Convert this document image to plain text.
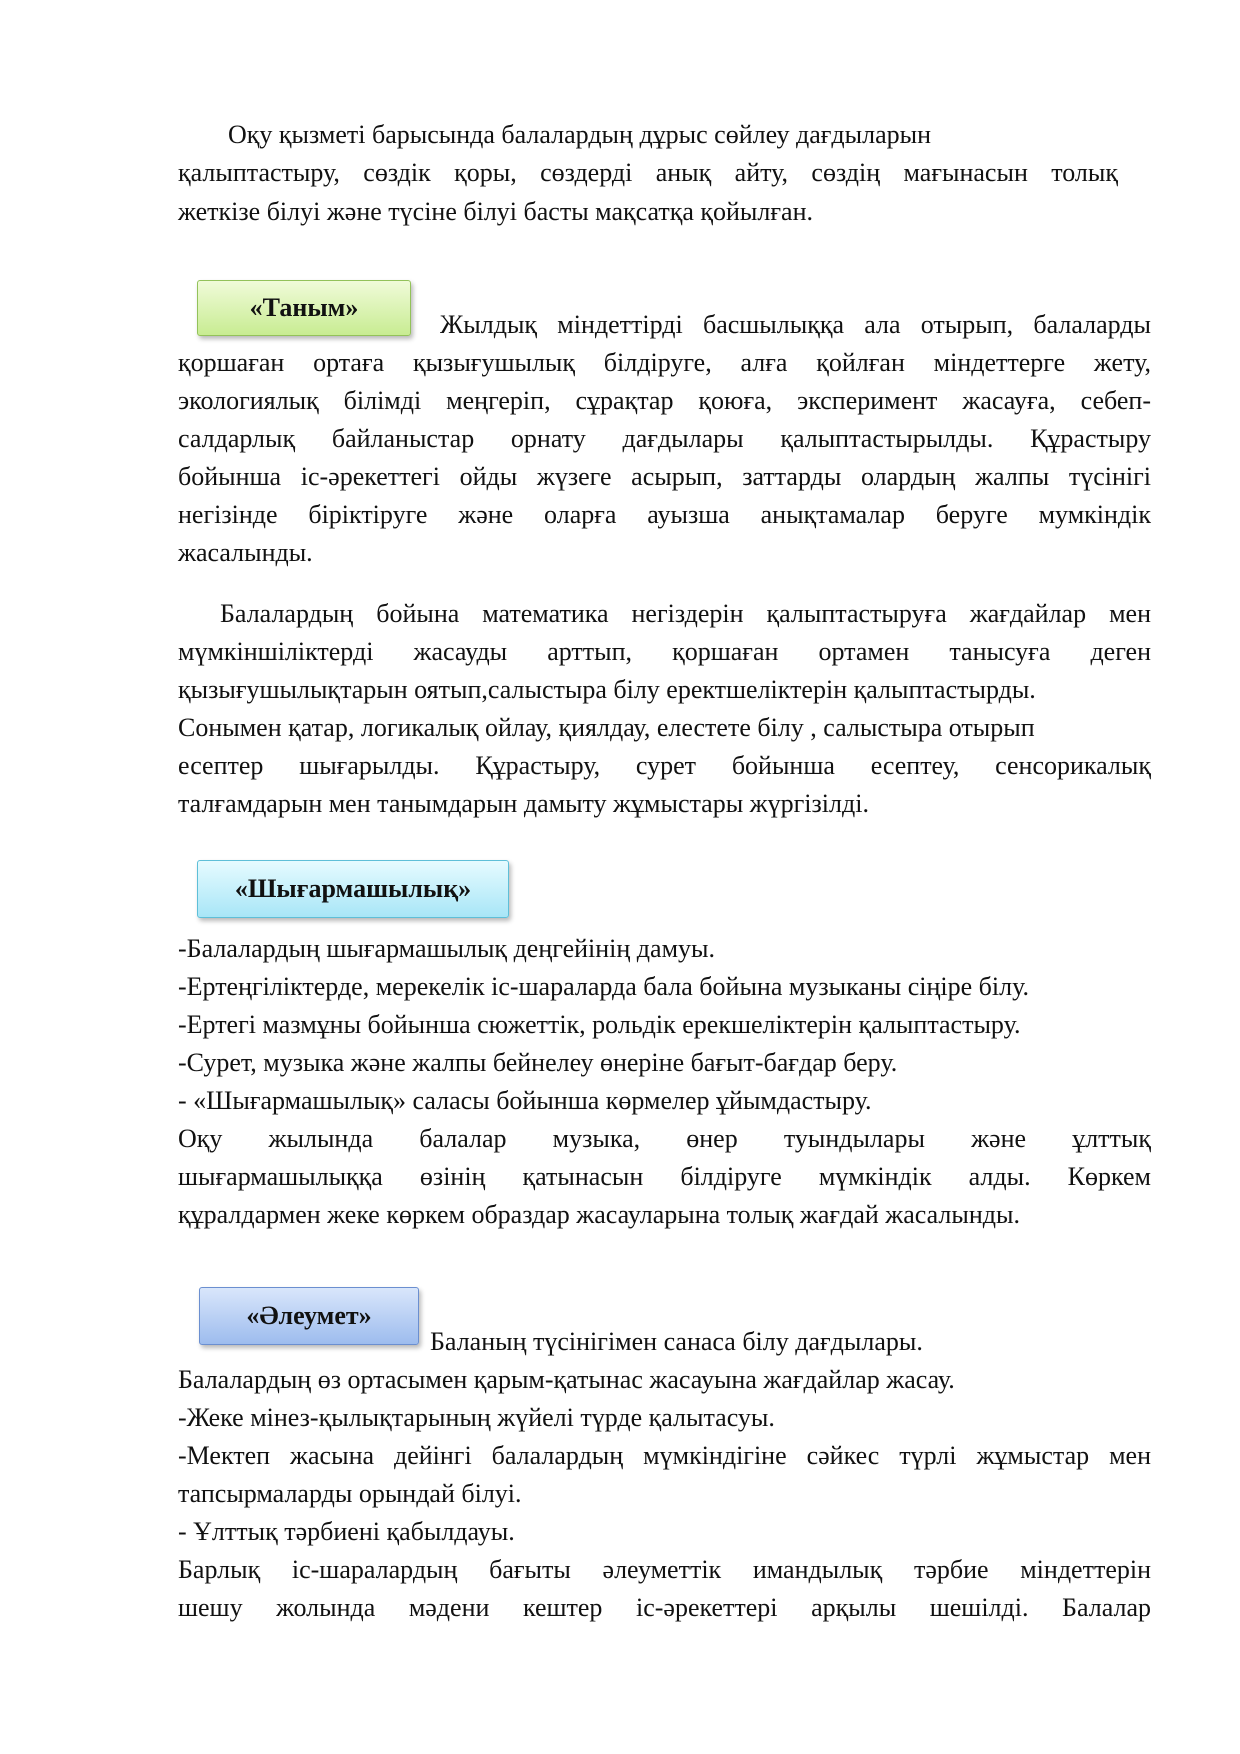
Оқу қызметі барысында балалардың дұрыс сөйлеу дағдыларын
қалыптастыру, сөздік қоры, сөздерді анық айту, сөздің мағынасын толық
жеткізе білуі және түсіне білуі басты мақсатқа қойылған.
«Таным»
Жылдық міндеттірді басшылыққа ала отырып, балаларды
қоршаған ортаға қызығушылық білдіруге, алға қойлған міндеттерге жету,
экологиялық білімді меңгеріп, сұрақтар қоюға, эксперимент жасауға, себеп-
салдарлық байланыстар орнату дағдылары қалыптастырылды. Құрастыру
бойынша іс-әрекеттегі ойды жүзеге асырып, заттарды олардың жалпы түсінігі
негізінде біріктіруге және оларға ауызша анықтамалар беруге мумкіндік
жасалынды.
Балалардың бойына математика негіздерін қалыптастыруға жағдайлар мен
мүмкіншіліктерді жасауды арттып, қоршаған ортамен танысуға деген
қызығушылықтарын оятып,салыстыра білу еректшеліктерін қалыптастырды.
Сонымен қатар, логикалық ойлау, қиялдау, елестете білу , салыстыра отырып
есептер шығарылды. Құрастыру, сурет бойынша есептеу, сенсорикалық
талғамдарын мен танымдарын дамыту жұмыстары жүргізілді.
«Шығармашылық»
-Балалардың шығармашылық деңгейінің дамуы.
-Ертеңгіліктерде, мерекелік іс-шараларда бала бойына музыканы сіңіре білу.
-Ертегі мазмұны бойынша сюжеттік, рольдік ерекшеліктерін қалыптастыру.
-Сурет, музыка және жалпы бейнелеу өнеріне бағыт-бағдар беру.
- «Шығармашылық» саласы бойынша көрмелер ұйымдастыру.
Оқу жылында балалар музыка, өнер туындылары және ұлттық
шығармашылыққа өзінің қатынасын білдіруге мүмкіндік алды. Көркем
құралдармен жеке көркем образдар жасауларына толық жағдай жасалынды.
«Әлеумет»
Баланың түсінігімен санаса білу дағдылары.
Балалардың өз ортасымен қарым-қатынас жасауына жағдайлар жасау.
-Жеке мінез-қылықтарының жүйелі түрде қалытасуы.
-Мектеп жасына дейінгі балалардың мүмкіндігіне сәйкес түрлі жұмыстар мен
тапсырмаларды орындай білуі.
- Ұлттық тәрбиені қабылдауы.
Барлық іс-шаралардың бағыты әлеуметтік имандылық тәрбие міндеттерін
шешу жолында мәдени кештер іс-әрекеттері арқылы шешілді. Балалар
